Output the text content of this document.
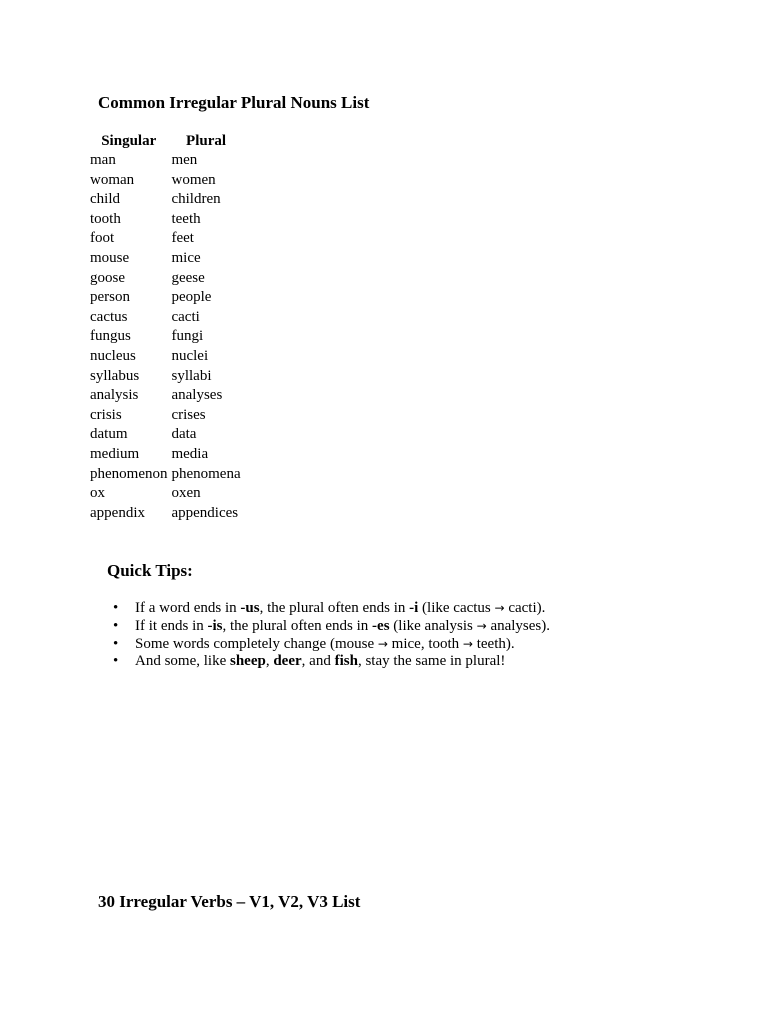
Common Irregular Plural Nouns List
Singular	Plural
man	men
woman	women
child	children
tooth	teeth
foot	feet
mouse	mice
goose	geese
person	people
cactus	cacti
fungus	fungi
nucleus	nuclei
syllabus	syllabi
analysis	analyses
crisis	crises
datum	data
medium	media
phenomenon	phenomena
ox	oxen
appendix	appendices
Quick Tips:
• If a word ends in -us, the plural often ends in -i (like cactus → cacti).
• If it ends in -is, the plural often ends in -es (like analysis → analyses).
• Some words completely change (mouse → mice, tooth → teeth).
• And some, like sheep, deer, and fish, stay the same in plural!
30 Irregular Verbs – V1, V2, V3 List
